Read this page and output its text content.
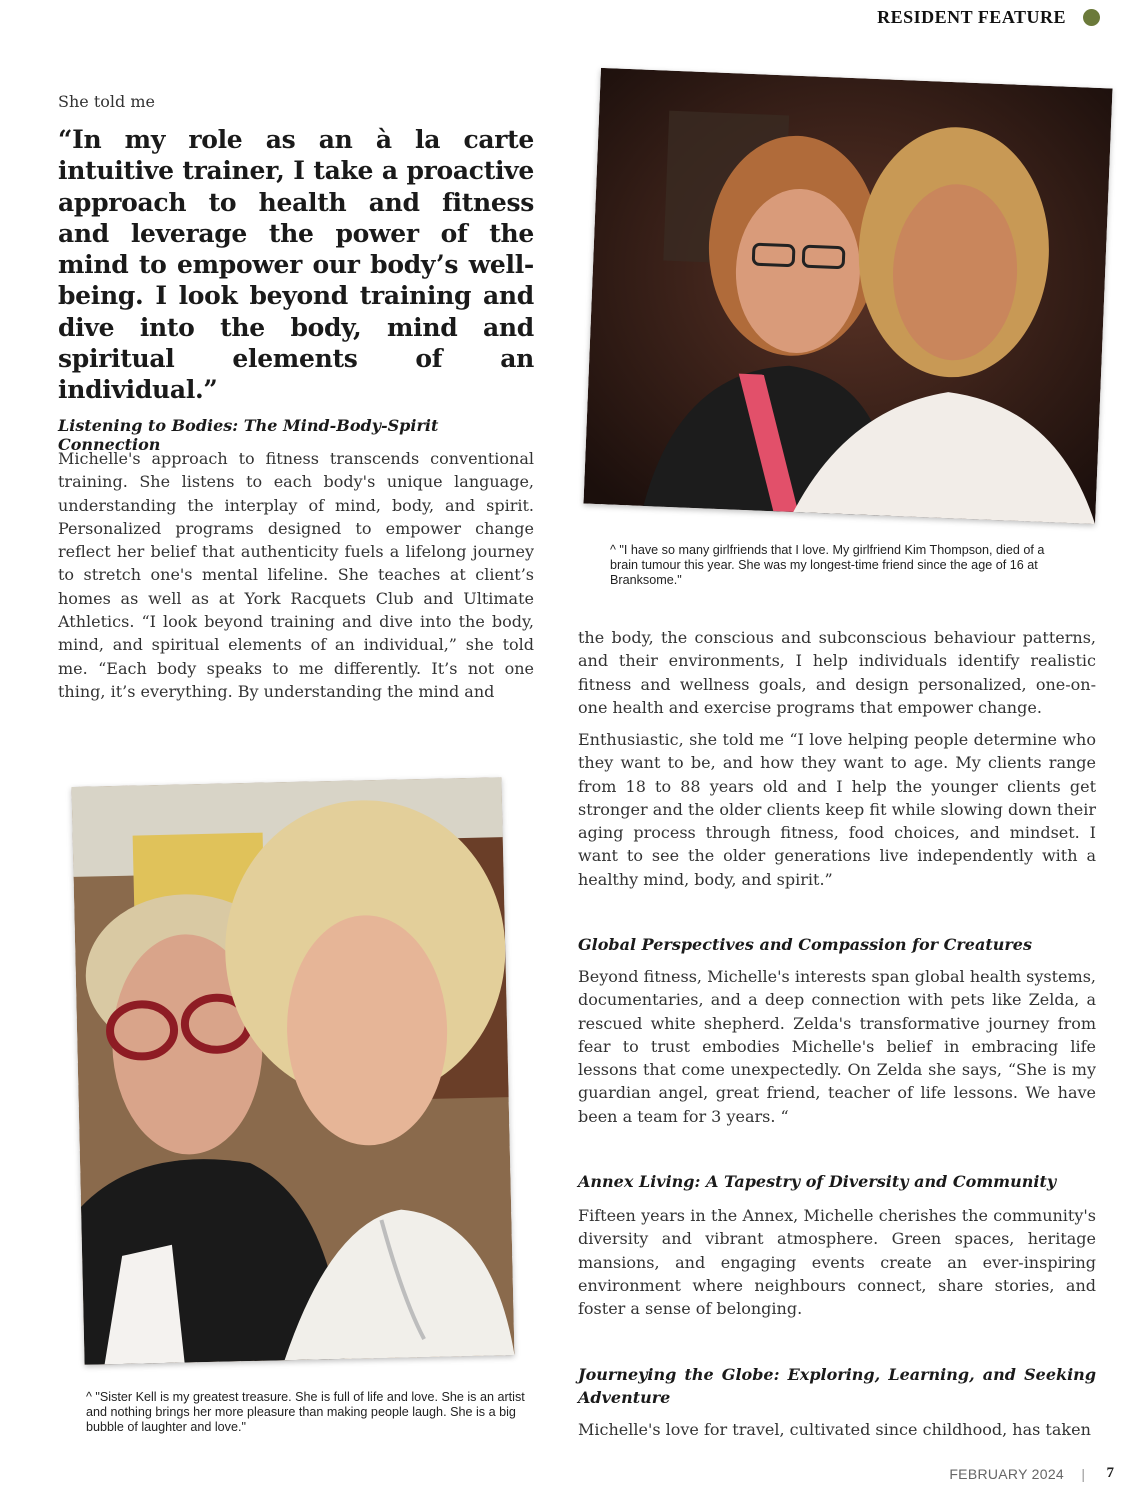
RESIDENT FEATURE
She told me

“In my role as an à la carte intuitive trainer, I take a proactive approach to health and fitness and leverage the power of the mind to empower our body’s well-being. I look beyond training and dive into the body, mind and spiritual elements of an individual.”

Listening to Bodies: The Mind-Body-Spirit Connection

Michelle's approach to fitness transcends conventional training. She listens to each body's unique language, understanding the interplay of mind, body, and spirit. Personalized programs designed to empower change reflect her belief that authenticity fuels a lifelong journey to stretch one's mental lifeline. She teaches at client’s homes as well as at York Racquets Club and Ultimate Athletics. “I look beyond training and dive into the body, mind, and spiritual elements of an individual,” she told me. “Each body speaks to me differently. It’s not one thing, it’s everything. By understanding the mind and

^ "I have so many girlfriends that I love. My girlfriend Kim Thompson, died of a brain tumour this year. She was my longest-time friend since the age of 16 at Branksome."

the body, the conscious and subconscious behaviour patterns, and their environments, I help individuals identify realistic fitness and wellness goals, and design personalized, one-on-one health and exercise programs that empower change.

Enthusiastic, she told me “I love helping people determine who they want to be, and how they want to age. My clients range from 18 to 88 years old and I help the younger clients get stronger and the older clients keep fit while slowing down their aging process through fitness, food choices, and mindset. I want to see the older generations live independently with a healthy mind, body, and spirit.”

Global Perspectives and Compassion for Creatures

Beyond fitness, Michelle's interests span global health systems, documentaries, and a deep connection with pets like Zelda, a rescued white shepherd. Zelda's transformative journey from fear to trust embodies Michelle's belief in embracing life lessons that come unexpectedly. On Zelda she says, “She is my guardian angel, great friend, teacher of life lessons. We have been a team for 3 years. “

Annex Living: A Tapestry of Diversity and Community

Fifteen years in the Annex, Michelle cherishes the community's diversity and vibrant atmosphere. Green spaces, heritage mansions, and engaging events create an ever-inspiring environment where neighbours connect, share stories, and foster a sense of belonging.

Journeying the Globe: Exploring, Learning, and Seeking Adventure

Michelle's love for travel, cultivated since childhood, has taken

^ "Sister Kell is my greatest treasure. She is full of life and love. She is an artist and nothing brings her more pleasure than making people laugh. She is a big bubble of laughter and love."

FEBRUARY 2024 | 7
